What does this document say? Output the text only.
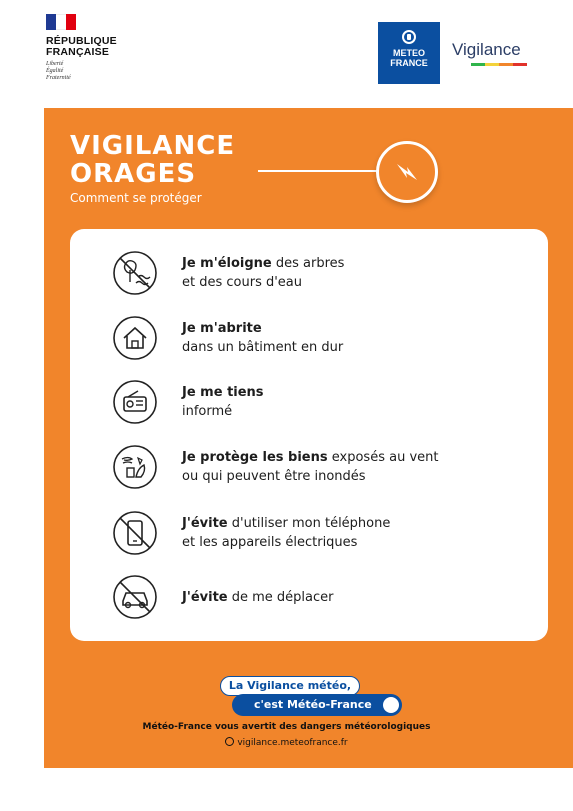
RÉPUBLIQUE
FRANÇAISE
Liberté
Égalité
Fraternité
METEO
FRANCE
Vigilance
VIGILANCE
ORAGES
Comment se protéger
Je m'éloigne des arbres
et des cours d'eau
Je m'abrite
dans un bâtiment en dur
Je me tiens
informé
Je protège les biens exposés au vent
ou qui peuvent être inondés
J'évite d'utiliser mon téléphone
et les appareils électriques
J'évite de me déplacer
La Vigilance météo,
c'est Météo-France
Météo-France vous avertit des dangers météorologiques
vigilance.meteofrance.fr
